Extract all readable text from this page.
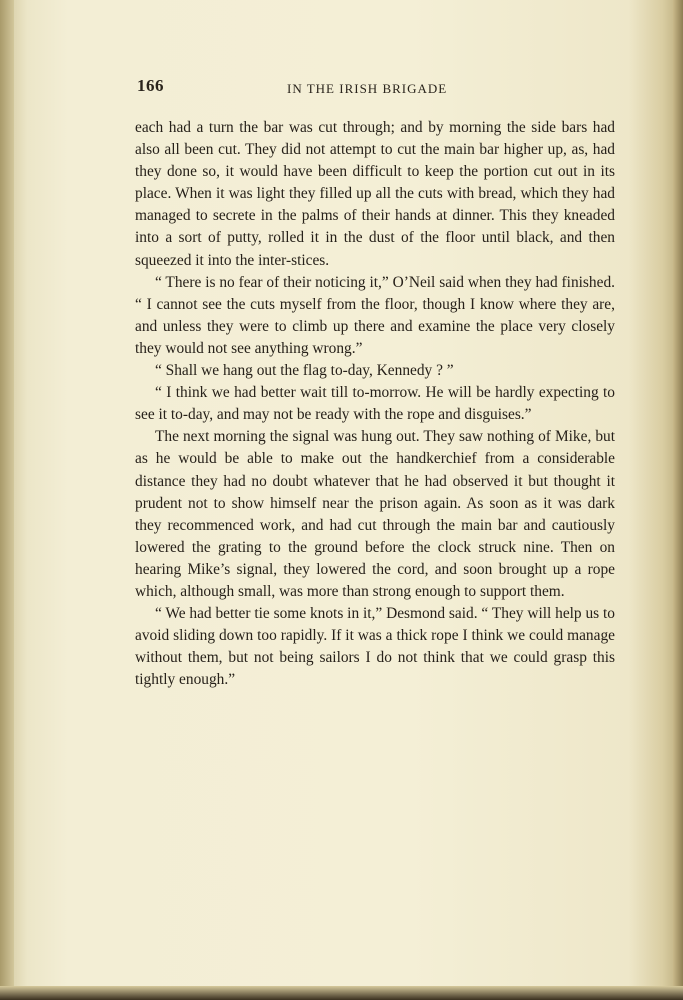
166	IN THE IRISH BRIGADE

each had a turn the bar was cut through; and by morning the side bars had also all been cut. They did not attempt to cut the main bar higher up, as, had they done so, it would have been difficult to keep the portion cut out in its place. When it was light they filled up all the cuts with bread, which they had managed to secrete in the palms of their hands at dinner. This they kneaded into a sort of putty, rolled it in the dust of the floor until black, and then squeezed it into the inter-stices.

“ There is no fear of their noticing it,” O’Neil said when they had finished. “ I cannot see the cuts myself from the floor, though I know where they are, and unless they were to climb up there and examine the place very closely they would not see anything wrong.”

“ Shall we hang out the flag to-day, Kennedy ? ”

“ I think we had better wait till to-morrow. He will be hardly expecting to see it to-day, and may not be ready with the rope and disguises.”

The next morning the signal was hung out. They saw nothing of Mike, but as he would be able to make out the handkerchief from a considerable distance they had no doubt whatever that he had observed it but thought it prudent not to show himself near the prison again. As soon as it was dark they recommenced work, and had cut through the main bar and cautiously lowered the grating to the ground before the clock struck nine. Then on hearing Mike’s signal, they lowered the cord, and soon brought up a rope which, although small, was more than strong enough to support them.

“ We had better tie some knots in it,” Desmond said. “ They will help us to avoid sliding down too rapidly. If it was a thick rope I think we could manage without them, but not being sailors I do not think that we could grasp this tightly enough.”
